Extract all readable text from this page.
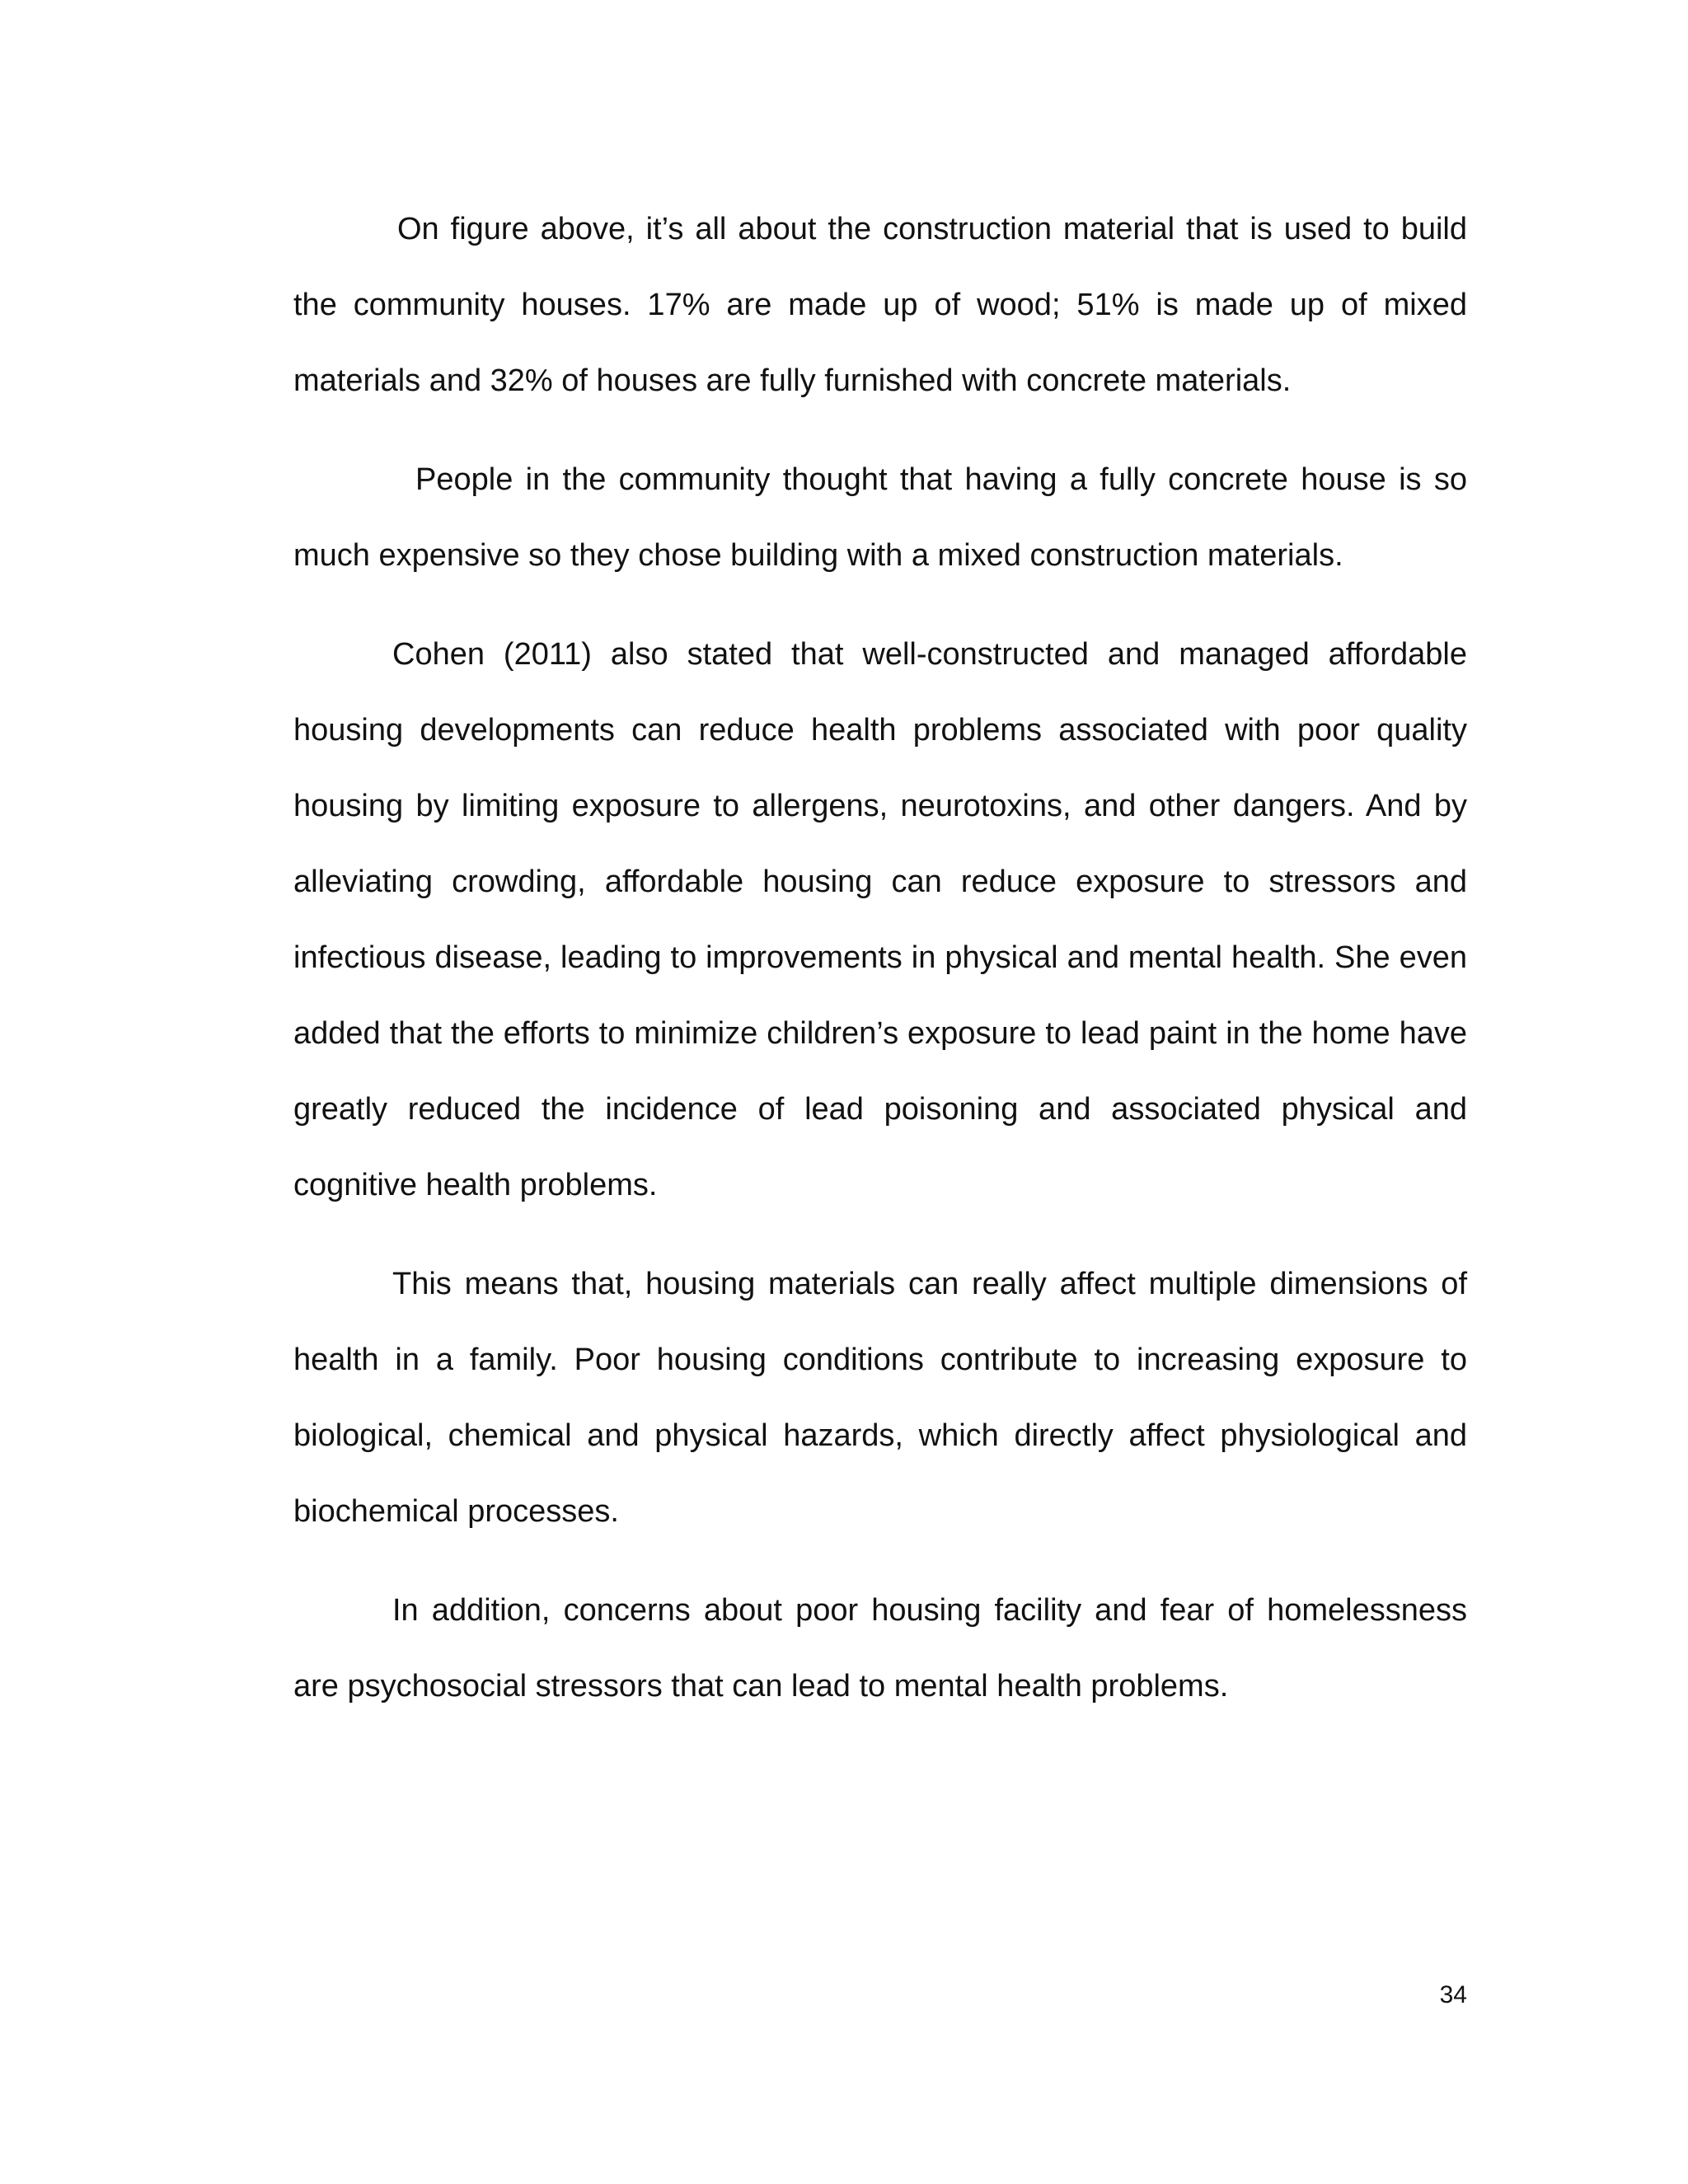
On figure above, it’s all about the construction material that is used to build the community houses. 17% are made up of wood; 51% is made up of mixed materials and 32% of houses are fully furnished with concrete materials.

People in the community thought that having a fully concrete house is so much expensive so they chose building with a mixed construction materials.

Cohen (2011) also stated that well-constructed and managed affordable housing developments can reduce health problems associated with poor quality housing by limiting exposure to allergens, neurotoxins, and other dangers. And by alleviating crowding, affordable housing can reduce exposure to stressors and infectious disease, leading to improvements in physical and mental health. She even added that the efforts to minimize children’s exposure to lead paint in the home have greatly reduced the incidence of lead poisoning and associated physical and cognitive health problems.

This means that, housing materials can really affect multiple dimensions of health in a family. Poor housing conditions contribute to increasing exposure to biological, chemical and physical hazards, which directly affect physiological and biochemical processes.

In addition, concerns about poor housing facility and fear of homelessness are psychosocial stressors that can lead to mental health problems.

34
